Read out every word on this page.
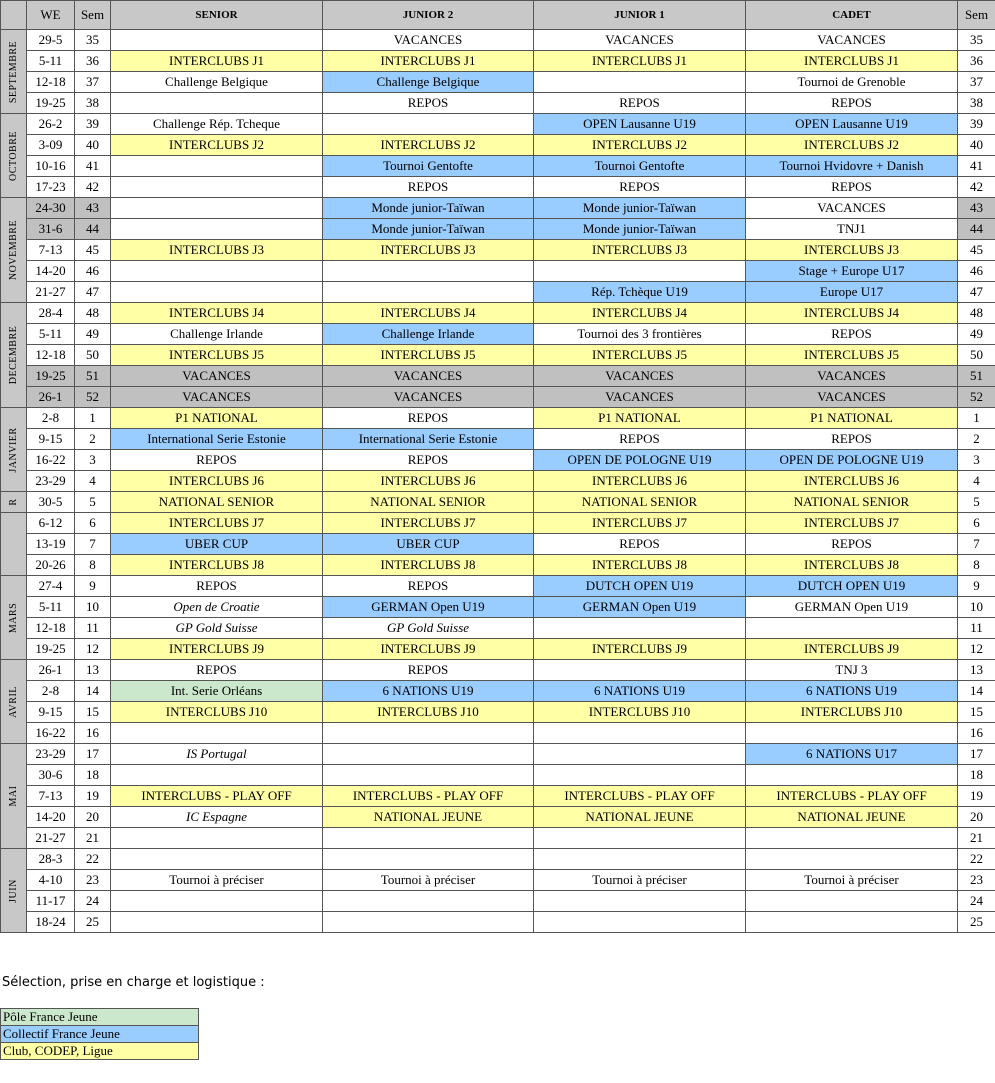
	WE	Sem	SENIOR	JUNIOR 2	JUNIOR 1	CADET	Sem

SEPTEMBRE	29-5	35		VACANCES	VACANCES	VACANCES	35
	5-11	36	INTERCLUBS J1	INTERCLUBS J1	INTERCLUBS J1	INTERCLUBS J1	36
	12-18	37	Challenge Belgique	Challenge Belgique		Tournoi de Grenoble	37
	19-25	38		REPOS	REPOS	REPOS	38

OCTOBRE	26-2	39	Challenge Rép. Tcheque		OPEN Lausanne U19	OPEN Lausanne U19	39
	3-09	40	INTERCLUBS J2	INTERCLUBS J2	INTERCLUBS J2	INTERCLUBS J2	40
	10-16	41		Tournoi Gentofte	Tournoi Gentofte	Tournoi Hvidovre + Danish	41
	17-23	42		REPOS	REPOS	REPOS	42

NOVEMBRE	24-30	43		Monde junior-Taïwan	Monde junior-Taïwan	VACANCES	43
	31-6	44		Monde junior-Taïwan	Monde junior-Taïwan	TNJ1	44
	7-13	45	INTERCLUBS J3	INTERCLUBS J3	INTERCLUBS J3	INTERCLUBS J3	45
	14-20	46				Stage + Europe U17	46
	21-27	47			Rép. Tchèque U19	Europe U17	47

DECEMBRE	28-4	48	INTERCLUBS J4	INTERCLUBS J4	INTERCLUBS J4	INTERCLUBS J4	48
	5-11	49	Challenge Irlande	Challenge Irlande	Tournoi des 3 frontières	REPOS	49
	12-18	50	INTERCLUBS J5	INTERCLUBS J5	INTERCLUBS J5	INTERCLUBS J5	50
	19-25	51	VACANCES	VACANCES	VACANCES	VACANCES	51
	26-1	52	VACANCES	VACANCES	VACANCES	VACANCES	52

JANVIER	2-8	1	P1 NATIONAL	REPOS	P1 NATIONAL	P1 NATIONAL	1
	9-15	2	International Serie Estonie	International Serie Estonie	REPOS	REPOS	2
	16-22	3	REPOS	REPOS	OPEN DE POLOGNE U19	OPEN DE POLOGNE U19	3
	23-29	4	INTERCLUBS J6	INTERCLUBS J6	INTERCLUBS J6	INTERCLUBS J6	4

R	30-5	5	NATIONAL SENIOR	NATIONAL SENIOR	NATIONAL SENIOR	NATIONAL SENIOR	5

	6-12	6	INTERCLUBS J7	INTERCLUBS J7	INTERCLUBS J7	INTERCLUBS J7	6
	13-19	7	UBER CUP	UBER CUP	REPOS	REPOS	7
	20-26	8	INTERCLUBS J8	INTERCLUBS J8	INTERCLUBS J8	INTERCLUBS J8	8

MARS	27-4	9	REPOS	REPOS	DUTCH OPEN U19	DUTCH OPEN U19	9
	5-11	10	Open de Croatie	GERMAN Open U19	GERMAN Open U19	GERMAN Open U19	10
	12-18	11	GP Gold Suisse	GP Gold Suisse			11
	19-25	12	INTERCLUBS J9	INTERCLUBS J9	INTERCLUBS J9	INTERCLUBS J9	12

AVRIL	26-1	13	REPOS	REPOS		TNJ 3	13
	2-8	14	Int. Serie Orléans	6 NATIONS U19	6 NATIONS U19	6 NATIONS U19	14
	9-15	15	INTERCLUBS J10	INTERCLUBS J10	INTERCLUBS J10	INTERCLUBS J10	15
	16-22	16					16

MAI	23-29	17	IS Portugal			6 NATIONS U17	17
	30-6	18					18
	7-13	19	INTERCLUBS - PLAY OFF	INTERCLUBS - PLAY OFF	INTERCLUBS - PLAY OFF	INTERCLUBS - PLAY OFF	19
	14-20	20	IC Espagne	NATIONAL JEUNE	NATIONAL JEUNE	NATIONAL JEUNE	20
	21-27	21					21

JUIN	28-3	22					22
	4-10	23	Tournoi à préciser	Tournoi à préciser	Tournoi à préciser	Tournoi à préciser	23
	11-17	24					24
	18-24	25					25
Sélection, prise en charge et logistique :
Pôle France Jeune
Collectif France Jeune
Club, CODEP, Ligue
